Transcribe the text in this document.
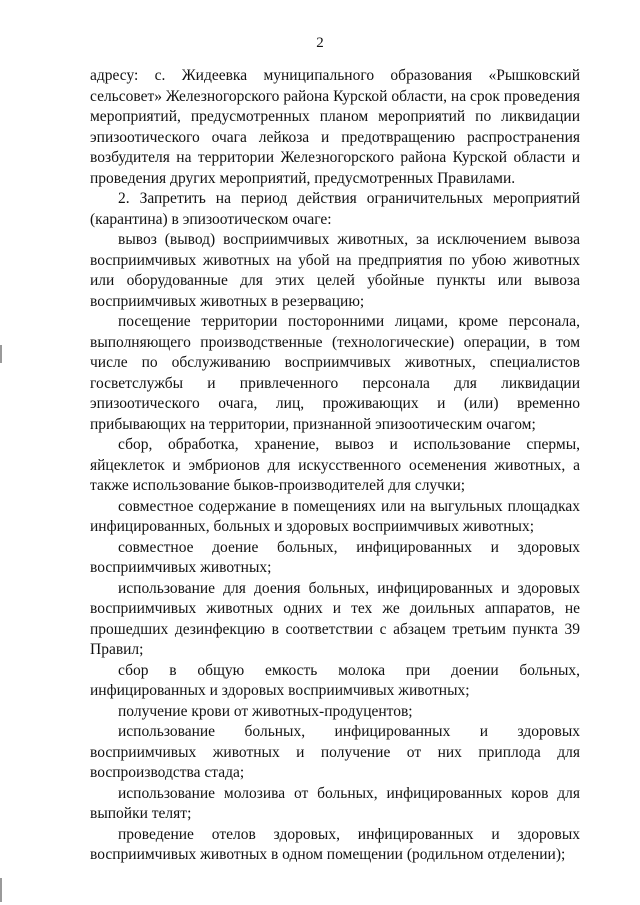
2

адресу: с. Жидеевка муниципального образования «Рышковский сельсовет» Железногорского района Курской области, на срок проведения мероприятий, предусмотренных планом мероприятий по ликвидации эпизоотического очага лейкоза и предотвращению распространения возбудителя на территории Железногорского района Курской области и проведения других мероприятий, предусмотренных Правилами.

2. Запретить на период действия ограничительных мероприятий (карантина) в эпизоотическом очаге:

вывоз (вывод) восприимчивых животных, за исключением вывоза восприимчивых животных на убой на предприятия по убою животных или оборудованные для этих целей убойные пункты или вывоза восприимчивых животных в резервацию;

посещение территории посторонними лицами, кроме персонала, выполняющего производственные (технологические) операции, в том числе по обслуживанию восприимчивых животных, специалистов госветслужбы и привлеченного персонала для ликвидации эпизоотического очага, лиц, проживающих и (или) временно прибывающих на территории, признанной эпизоотическим очагом;

сбор, обработка, хранение, вывоз и использование спермы, яйцеклеток и эмбрионов для искусственного осеменения животных, а также использование быков-производителей для случки;

совместное содержание в помещениях или на выгульных площадках инфицированных, больных и здоровых восприимчивых животных;

совместное доение больных, инфицированных и здоровых восприимчивых животных;

использование для доения больных, инфицированных и здоровых восприимчивых животных одних и тех же доильных аппаратов, не прошедших дезинфекцию в соответствии с абзацем третьим пункта 39 Правил;

сбор в общую емкость молока при доении больных, инфицированных и здоровых восприимчивых животных;

получение крови от животных-продуцентов;

использование больных, инфицированных и здоровых восприимчивых животных и получение от них приплода для воспроизводства стада;

использование молозива от больных, инфицированных коров для выпойки телят;

проведение отелов здоровых, инфицированных и здоровых восприимчивых животных в одном помещении (родильном отделении);
